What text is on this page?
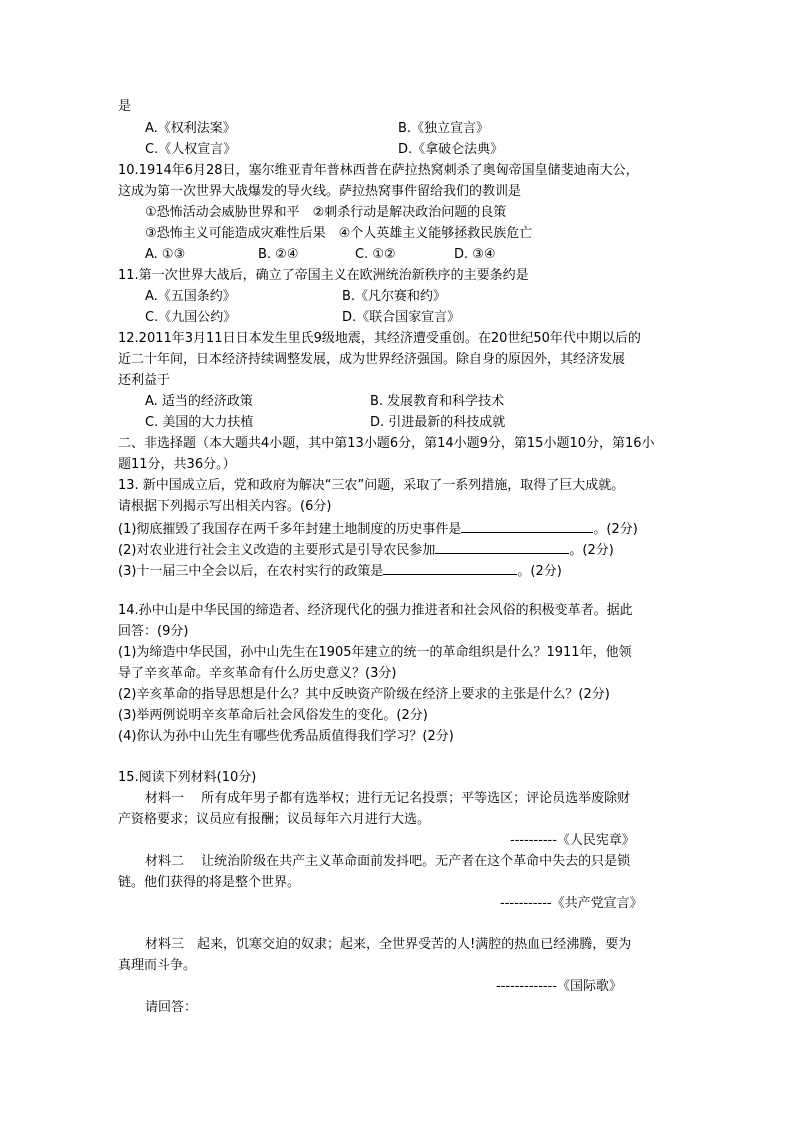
是
A.《权利法案》	B.《独立宣言》
C.《人权宣言》	D.《拿破仑法典》
10.1914年6月28日，塞尔维亚青年普林西普在萨拉热窝刺杀了奥匈帝国皇储斐迪南大公，
这成为第一次世界大战爆发的导火线。萨拉热窝事件留给我们的教训是
①恐怖活动会威胁世界和平　②刺杀行动是解决政治问题的良策
③恐怖主义可能造成灾难性后果　④个人英雄主义能够拯救民族危亡
A. ①③	B. ②④	C. ①②	D. ③④
11.第一次世界大战后，确立了帝国主义在欧洲统治新秩序的主要条约是
A.《五国条约》	B.《凡尔赛和约》
C.《九国公约》	D.《联合国家宣言》
12.2011年3月11日日本发生里氏9级地震，其经济遭受重创。在20世纪50年代中期以后的
近二十年间，日本经济持续调整发展，成为世界经济强国。除自身的原因外，其经济发展
还利益于
A. 适当的经济政策	B. 发展教育和科学技术
C. 美国的大力扶植	D. 引进最新的科技成就
二、非选择题（本大题共4小题，其中第13小题6分，第14小题9分，第15小题10分，第16小
题11分，共36分。）
13. 新中国成立后，党和政府为解决“三农”问题，采取了一系列措施，取得了巨大成就。
请根据下列揭示写出相关内容。(6分)
(1)彻底摧毁了我国存在两千多年封建土地制度的历史事件是	。(2分)
(2)对农业进行社会主义改造的主要形式是引导农民参加	。(2分)
(3)十一届三中全会以后，在农村实行的政策是	。(2分)
14.孙中山是中华民国的缔造者、经济现代化的强力推进者和社会风俗的积极变革者。据此
回答：(9分)
(1)为缔造中华民国，孙中山先生在1905年建立的统一的革命组织是什么？1911年，他领
导了辛亥革命。辛亥革命有什么历史意义？(3分)
(2)辛亥革命的指导思想是什么？其中反映资产阶级在经济上要求的主张是什么？(2分)
(3)举两例说明辛亥革命后社会风俗发生的变化。(2分)
(4)你认为孙中山先生有哪些优秀品质值得我们学习？(2分)
15.阅读下列材料(10分)
材料一　 所有成年男子都有选举权；进行无记名投票；平等选区；评论员选举废除财
产资格要求；议员应有报酬；议员每年六月进行大选。
----------《人民宪章》
材料二　 让统治阶级在共产主义革命面前发抖吧。无产者在这个革命中失去的只是锁
链。他们获得的将是整个世界。
-----------《共产党宣言》
材料三　起来，饥寒交迫的奴隶；起来，全世界受苦的人!满腔的热血已经沸腾，要为
真理而斗争。
-------------《国际歌》
请回答：
